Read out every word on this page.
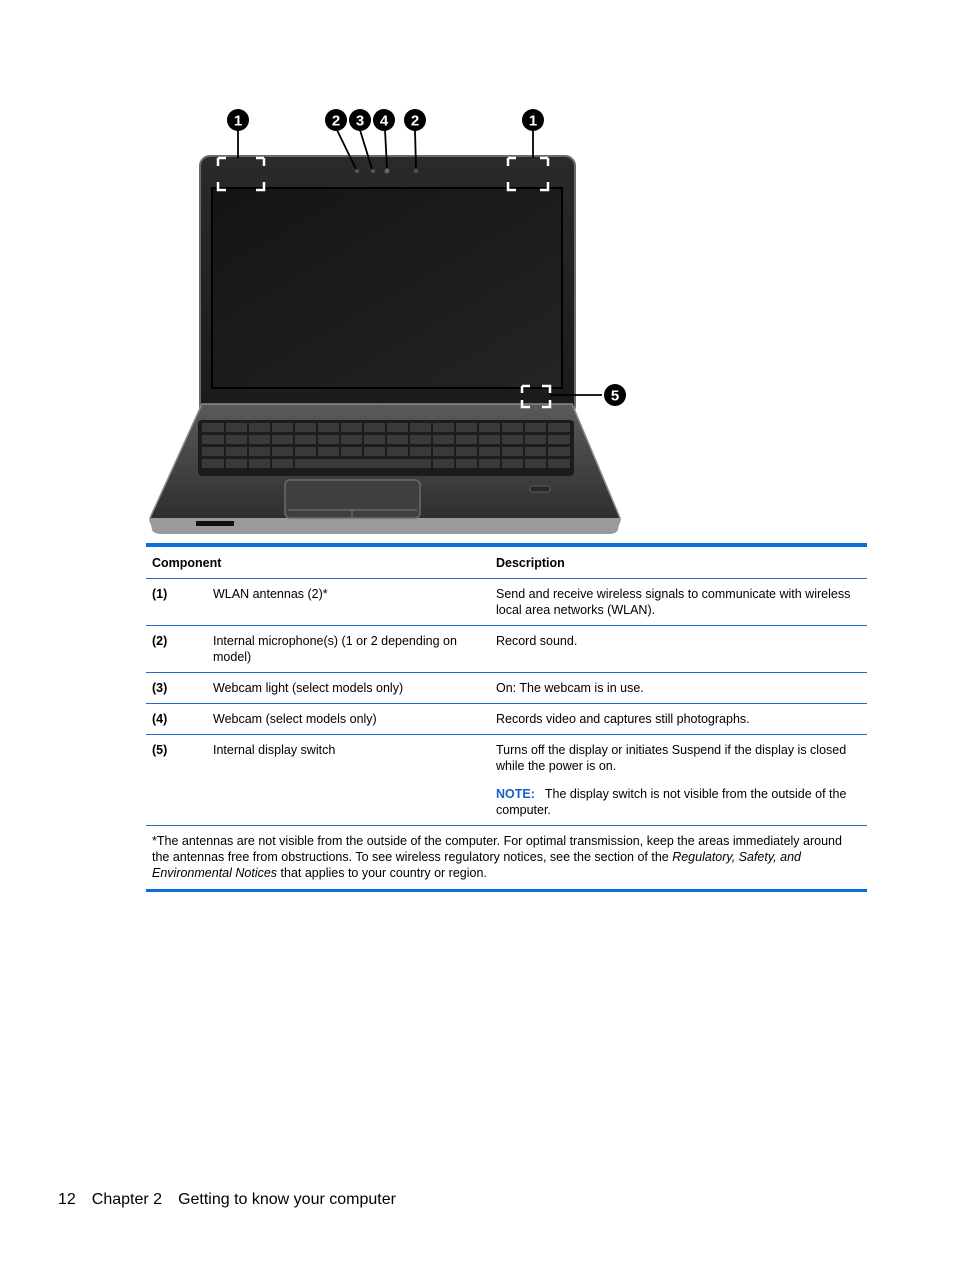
1	2 3 4 2	1
5
Component		Description
(1)	WLAN antennas (2)*	Send and receive wireless signals to communicate with wireless local area networks (WLAN).
(2)	Internal microphone(s) (1 or 2 depending on model)	Record sound.
(3)	Webcam light (select models only)	On: The webcam is in use.
(4)	Webcam (select models only)	Records video and captures still photographs.
(5)	Internal display switch	Turns off the display or initiates Suspend if the display is closed while the power is on.
NOTE: The display switch is not visible from the outside of the computer.

*The antennas are not visible from the outside of the computer. For optimal transmission, keep the areas immediately around the antennas free from obstructions. To see wireless regulatory notices, see the section of the Regulatory, Safety, and Environmental Notices that applies to your country or region.		
12 Chapter 2 Getting to know your computer
